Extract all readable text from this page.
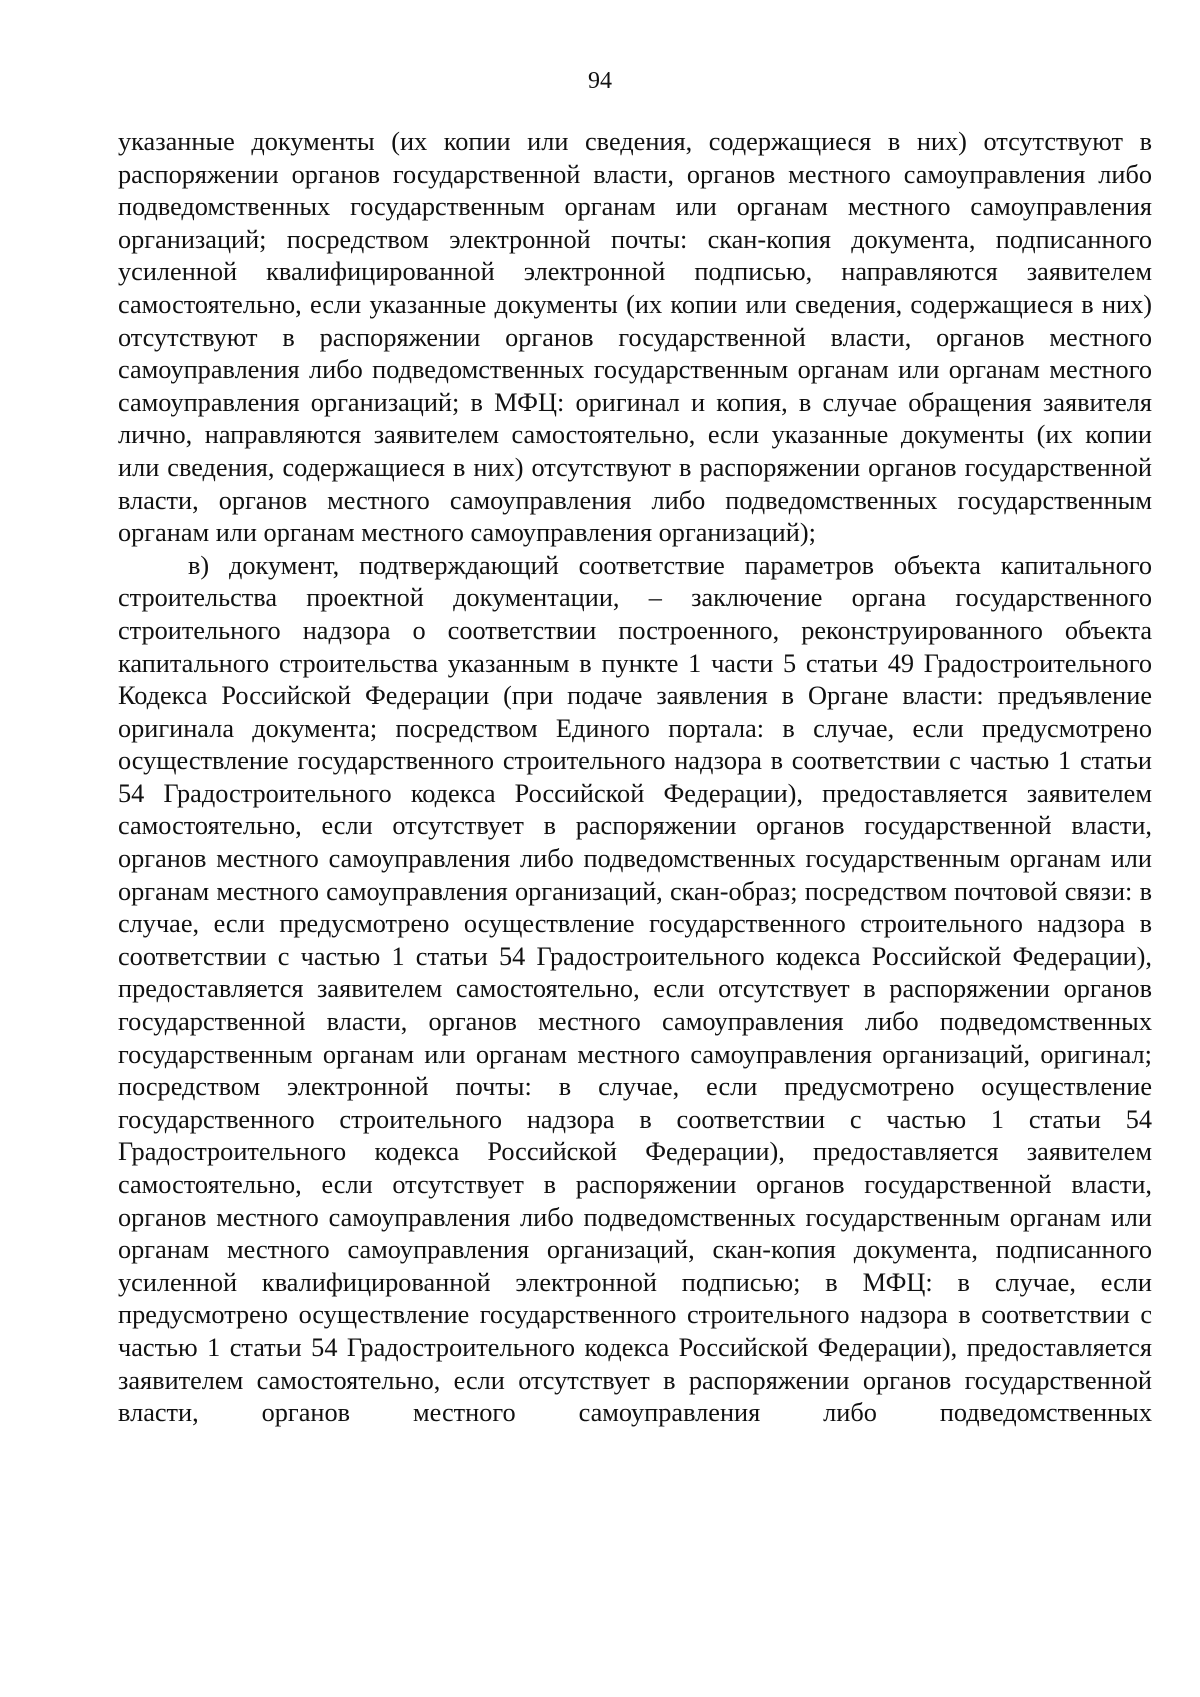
94

указанные документы (их копии или сведения, содержащиеся в них) отсутствуют в распоряжении органов государственной власти, органов местного самоуправления либо подведомственных государственным органам или органам местного самоуправления организаций; посредством электронной почты: скан-копия документа, подписанного усиленной квалифицированной электронной подписью, направляются заявителем самостоятельно, если указанные документы (их копии или сведения, содержащиеся в них) отсутствуют в распоряжении органов государственной власти, органов местного самоуправления либо подведомственных государственным органам или органам местного самоуправления организаций; в МФЦ: оригинал и копия, в случае обращения заявителя лично, направляются заявителем самостоятельно, если указанные документы (их копии или сведения, содержащиеся в них) отсутствуют в распоряжении органов государственной власти, органов местного самоуправления либо подведомственных государственным органам или органам местного самоуправления организаций);

в) документ, подтверждающий соответствие параметров объекта капитального строительства проектной документации, – заключение органа государственного строительного надзора о соответствии построенного, реконструированного объекта капитального строительства указанным в пункте 1 части 5 статьи 49 Градостроительного Кодекса Российской Федерации (при подаче заявления в Органе власти: предъявление оригинала документа; посредством Единого портала: в случае, если предусмотрено осуществление государственного строительного надзора в соответствии с частью 1 статьи 54 Градостроительного кодекса Российской Федерации), предоставляется заявителем самостоятельно, если отсутствует в распоряжении органов государственной власти, органов местного самоуправления либо подведомственных государственным органам или органам местного самоуправления организаций, скан-образ; посредством почтовой связи: в случае, если предусмотрено осуществление государственного строительного надзора в соответствии с частью 1 статьи 54 Градостроительного кодекса Российской Федерации), предоставляется заявителем самостоятельно, если отсутствует в распоряжении органов государственной власти, органов местного самоуправления либо подведомственных государственным органам или органам местного самоуправления организаций, оригинал; посредством электронной почты: в случае, если предусмотрено осуществление государственного строительного надзора в соответствии с частью 1 статьи 54 Градостроительного кодекса Российской Федерации), предоставляется заявителем самостоятельно, если отсутствует в распоряжении органов государственной власти, органов местного самоуправления либо подведомственных государственным органам или органам местного самоуправления организаций, скан-копия документа, подписанного усиленной квалифицированной электронной подписью; в МФЦ: в случае, если предусмотрено осуществление государственного строительного надзора в соответствии с частью 1 статьи 54 Градостроительного кодекса Российской Федерации), предоставляется заявителем самостоятельно, если отсутствует в распоряжении органов государственной власти, органов местного самоуправления либо подведомственных
